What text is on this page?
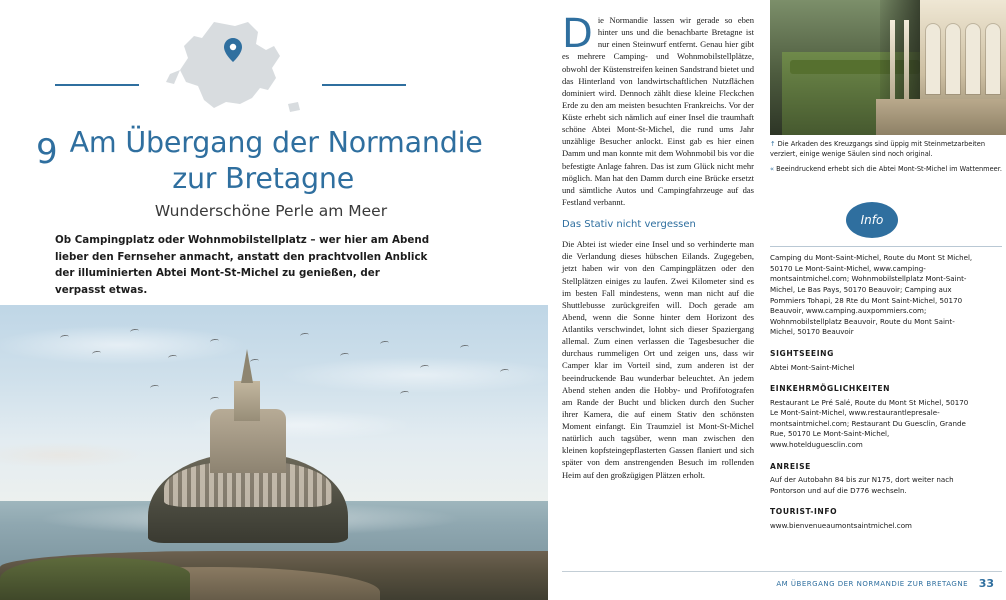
9 Am Übergang der Normandie
zur Bretagne
Wunderschöne Perle am Meer
Ob Campingplatz oder Wohnmobilstellplatz – wer hier am Abend lieber den Fernseher anmacht, anstatt den prachtvollen Anblick der illuminierten Abtei Mont-St-Michel zu genießen, der verpasst etwas.

Die Normandie lassen wir gerade so eben hinter uns und die benachbarte Bretagne ist nur einen Steinwurf entfernt. Genau hier gibt es mehrere Camping- und Wohnmobilstellplätze, obwohl der Küstenstreifen keinen Sandstrand bietet und das Hinterland von landwirtschaftlichen Nutzflächen dominiert wird. Dennoch zählt diese kleine Fleckchen Erde zu den am meisten besuchten Frankreichs. Vor der Küste erhebt sich nämlich auf einer Insel die traumhaft schöne Abtei Mont-St-Michel, die rund ums Jahr unzählige Besucher anlockt. Einst gab es hier einen Damm und man konnte mit dem Wohnmobil bis vor die befestigte Anlage fahren. Das ist zum Glück nicht mehr möglich. Man hat den Damm durch eine Brücke ersetzt und sämtliche Autos und Campingfahrzeuge auf das Festland verbannt.

Das Stativ nicht vergessen

Die Abtei ist wieder eine Insel und so verhinderte man die Verlandung dieses hübschen Eilands. Zugegeben, jetzt haben wir von den Campingplätzen oder den Stellplätzen einiges zu laufen. Zwei Kilometer sind es im besten Fall mindestens, wenn man nicht auf die Shuttlebusse zurückgreifen will. Doch gerade am Abend, wenn die Sonne hinter dem Horizont des Atlantiks verschwindet, lohnt sich dieser Spaziergang allemal. Zum einen verlassen die Tagesbesucher die durchaus rummeligen Ort und zeigen uns, dass wir Camper klar im Vorteil sind, zum anderen ist der beeindruckende Bau wunderbar beleuchtet. An jedem Abend stehen anden die Hobby- und Profifotografen am Rande der Bucht und blicken durch den Sucher ihrer Kamera, die auf einem Stativ den schönsten Moment einfangt. Ein Traumziel ist Mont-St-Michel natürlich auch tagsüber, wenn man zwischen den kleinen kopfsteingepflasterten Gassen flaniert und sich später von dem anstrengenden Besuch im rollenden Heim auf den großzügigen Plätzen erholt.

↑ Die Arkaden des Kreuzgangs sind üppig mit Steinmetzarbeiten verziert, einige wenige Säulen sind noch original.

« Beeindruckend erhebt sich die Abtei Mont-St-Michel im Wattenmeer.

Info

Camping du Mont-Saint-Michel, Route du Mont St Michel, 50170 Le Mont-Saint-Michel, www.camping-montsaintmichel.com; Wohnmobilstellplatz Mont-Saint-Michel, Le Bas Pays, 50170 Beauvoir; Camping aux Pommiers Tohapi, 28 Rte du Mont Saint-Michel, 50170 Beauvoir, www.camping.auxpommiers.com; Wohnmobilstellplatz Beauvoir, Route du Mont Saint-Michel, 50170 Beauvoir

SIGHTSEEING

Abtei Mont-Saint-Michel

EINKEHRMÖGLICHKEITEN

Restaurant Le Pré Salé, Route du Mont St Michel, 50170 Le Mont-Saint-Michel, www.restaurantlepresale-montsaintmichel.com; Restaurant Du Guesclin, Grande Rue, 50170 Le Mont-Saint-Michel, www.hotelduguesclin.com

ANREISE

Auf der Autobahn 84 bis zur N175, dort weiter nach Pontorson und auf die D776 wechseln.

TOURIST-INFO

www.bienvenueaumontsaintmichel.com

AM ÜBERGANG DER NORMANDIE ZUR BRETAGNE 33
